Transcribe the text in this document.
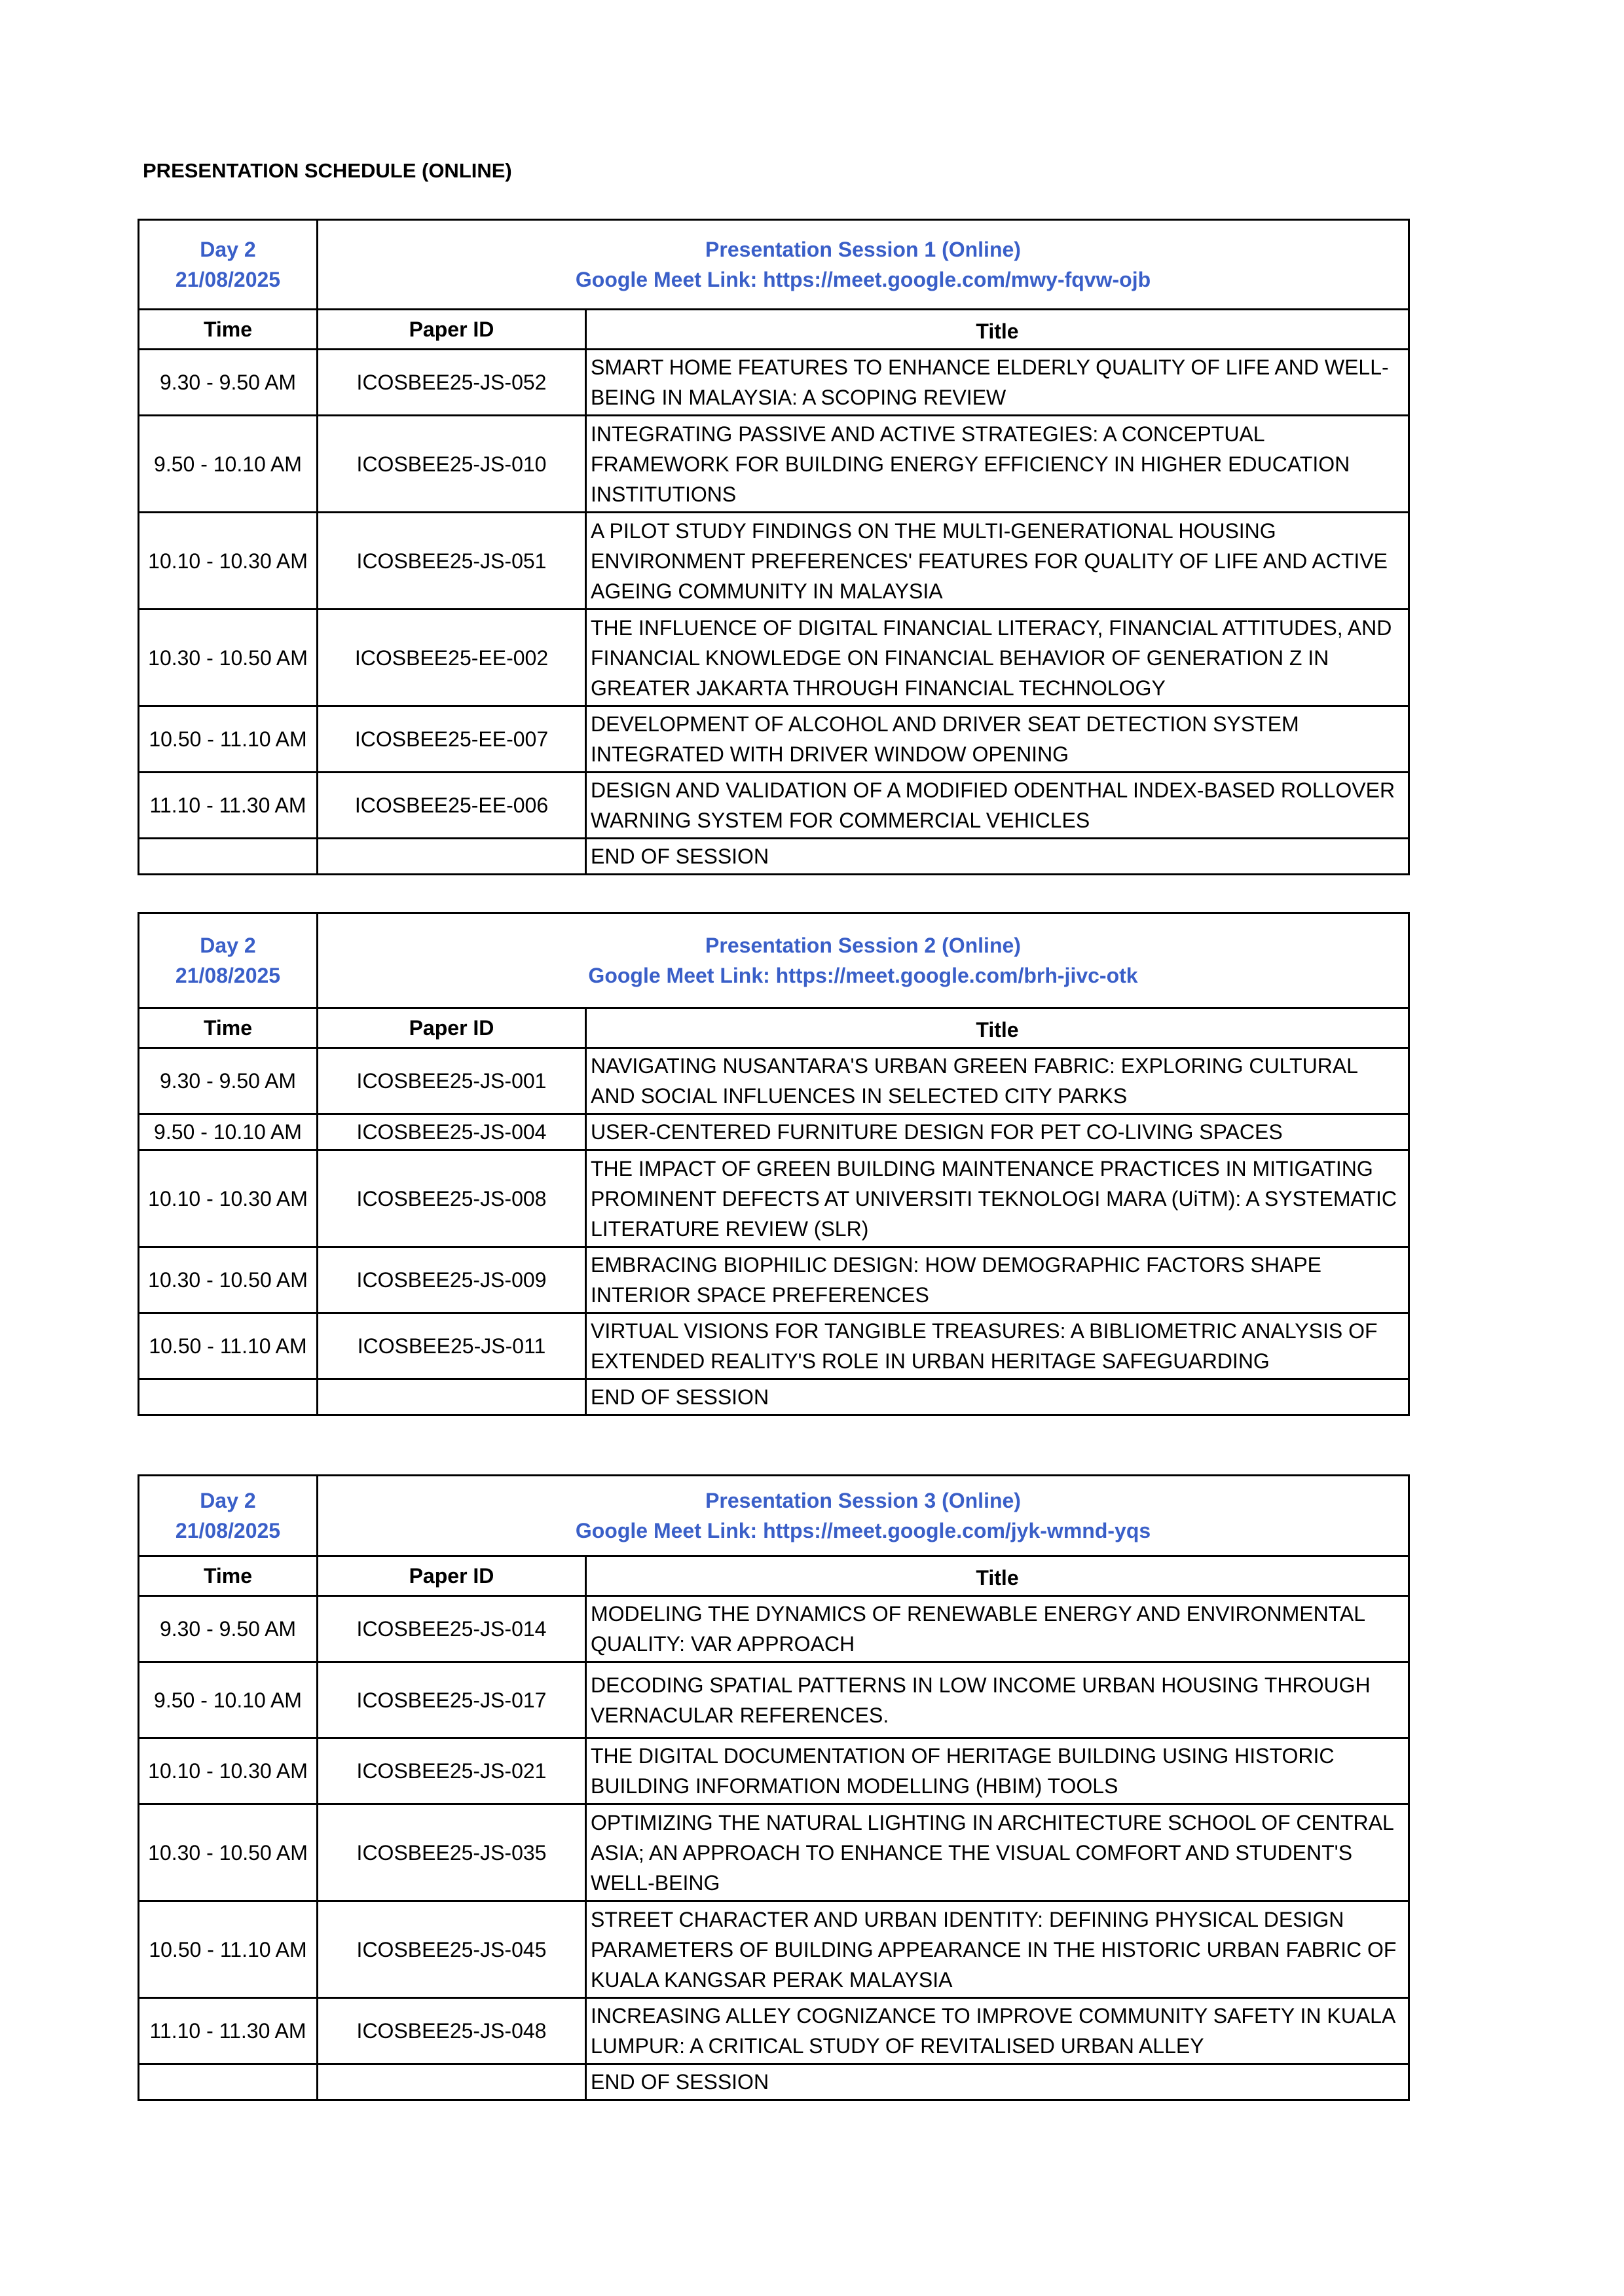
PRESENTATION SCHEDULE (ONLINE)
Day 2
21/08/2025	Presentation Session 1 (Online)
Google Meet Link: https://meet.google.com/mwy-fqvw-ojb	

Time	Paper ID	Title
9.30 - 9.50 AM	ICOSBEE25-JS-052	SMART HOME FEATURES TO ENHANCE ELDERLY QUALITY OF LIFE AND WELL-BEING IN MALAYSIA: A SCOPING REVIEW
9.50 - 10.10 AM	ICOSBEE25-JS-010	INTEGRATING PASSIVE AND ACTIVE STRATEGIES: A CONCEPTUAL FRAMEWORK FOR BUILDING ENERGY EFFICIENCY IN HIGHER EDUCATION INSTITUTIONS
10.10 - 10.30 AM	ICOSBEE25-JS-051	A PILOT STUDY FINDINGS ON THE MULTI-GENERATIONAL HOUSING ENVIRONMENT PREFERENCES' FEATURES FOR QUALITY OF LIFE AND ACTIVE AGEING COMMUNITY IN MALAYSIA
10.30 - 10.50 AM	ICOSBEE25-EE-002	THE INFLUENCE OF DIGITAL FINANCIAL LITERACY, FINANCIAL ATTITUDES, AND FINANCIAL KNOWLEDGE ON FINANCIAL BEHAVIOR OF GENERATION Z IN GREATER JAKARTA THROUGH FINANCIAL TECHNOLOGY
10.50 - 11.10 AM	ICOSBEE25-EE-007	DEVELOPMENT OF ALCOHOL AND DRIVER SEAT DETECTION SYSTEM INTEGRATED WITH DRIVER WINDOW OPENING
11.10 - 11.30 AM	ICOSBEE25-EE-006	DESIGN AND VALIDATION OF A MODIFIED ODENTHAL INDEX-BASED ROLLOVER WARNING SYSTEM FOR COMMERCIAL VEHICLES
		END OF SESSION
Day 2
21/08/2025	Presentation Session 2 (Online)
Google Meet Link: https://meet.google.com/brh-jivc-otk	

Time	Paper ID	Title
9.30 - 9.50 AM	ICOSBEE25-JS-001	NAVIGATING NUSANTARA'S URBAN GREEN FABRIC: EXPLORING CULTURAL AND SOCIAL INFLUENCES IN SELECTED CITY PARKS
9.50 - 10.10 AM	ICOSBEE25-JS-004	USER-CENTERED FURNITURE DESIGN FOR PET CO-LIVING SPACES
10.10 - 10.30 AM	ICOSBEE25-JS-008	THE IMPACT OF GREEN BUILDING MAINTENANCE PRACTICES IN MITIGATING PROMINENT DEFECTS AT UNIVERSITI TEKNOLOGI MARA (UiTM): A SYSTEMATIC LITERATURE REVIEW (SLR)
10.30 - 10.50 AM	ICOSBEE25-JS-009	EMBRACING BIOPHILIC DESIGN: HOW DEMOGRAPHIC FACTORS SHAPE INTERIOR SPACE PREFERENCES
10.50 - 11.10 AM	ICOSBEE25-JS-011	VIRTUAL VISIONS FOR TANGIBLE TREASURES: A BIBLIOMETRIC ANALYSIS OF EXTENDED REALITY'S ROLE IN URBAN HERITAGE SAFEGUARDING
		END OF SESSION
Day 2
21/08/2025	Presentation Session 3 (Online)
Google Meet Link: https://meet.google.com/jyk-wmnd-yqs	

Time	Paper ID	Title
9.30 - 9.50 AM	ICOSBEE25-JS-014	MODELING THE DYNAMICS OF RENEWABLE ENERGY AND ENVIRONMENTAL QUALITY: VAR APPROACH
9.50 - 10.10 AM	ICOSBEE25-JS-017	DECODING SPATIAL PATTERNS IN LOW INCOME URBAN HOUSING THROUGH VERNACULAR REFERENCES.
10.10 - 10.30 AM	ICOSBEE25-JS-021	THE DIGITAL DOCUMENTATION OF HERITAGE BUILDING USING HISTORIC BUILDING INFORMATION MODELLING (HBIM) TOOLS
10.30 - 10.50 AM	ICOSBEE25-JS-035	OPTIMIZING THE NATURAL LIGHTING IN ARCHITECTURE SCHOOL OF CENTRAL ASIA; AN APPROACH TO ENHANCE THE VISUAL COMFORT AND STUDENT'S WELL-BEING
10.50 - 11.10 AM	ICOSBEE25-JS-045	STREET CHARACTER AND URBAN IDENTITY: DEFINING PHYSICAL DESIGN PARAMETERS OF BUILDING APPEARANCE IN THE HISTORIC URBAN FABRIC OF KUALA KANGSAR PERAK MALAYSIA
11.10 - 11.30 AM	ICOSBEE25-JS-048	INCREASING ALLEY COGNIZANCE TO IMPROVE COMMUNITY SAFETY IN KUALA LUMPUR: A CRITICAL STUDY OF REVITALISED URBAN ALLEY
		END OF SESSION
